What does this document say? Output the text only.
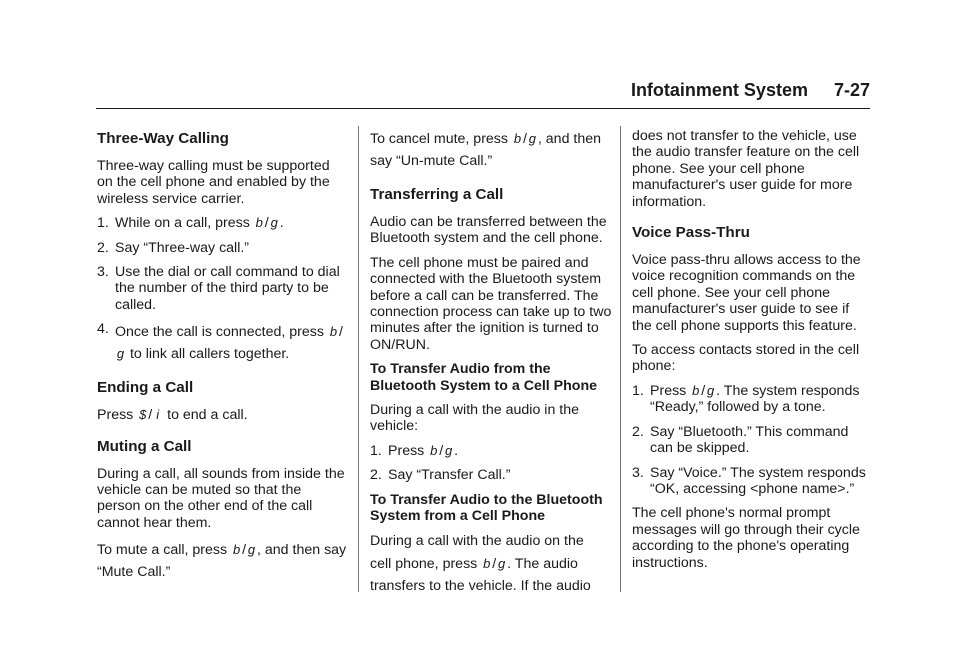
Infotainment System 7-27
Three-Way Calling

Three-way calling must be supported on the cell phone and enabled by the wireless service carrier.

1. While on a call, press b / g .
2. Say “Three-way call.”
3. Use the dial or call command to dial the number of the third party to be called.
4. Once the call is connected, press b /g to link all callers together.
Ending a Call

Press $ / i to end a call.

Muting a Call

During a call, all sounds from inside the vehicle can be muted so that the person on the other end of the call cannot hear them.

To mute a call, press b / g , and then say “Mute Call.”

To cancel mute, press b / g , and then say “Un-mute Call.”

Transferring a Call

Audio can be transferred between the Bluetooth system and the cell phone.

The cell phone must be paired and connected with the Bluetooth system before a call can be transferred. The connection process can take up to two minutes after the ignition is turned to ON/RUN.

To Transfer Audio from the Bluetooth System to a Cell Phone

During a call with the audio in the vehicle:

1. Press b / g .
2. Say “Transfer Call.”

To Transfer Audio to the Bluetooth System from a Cell Phone

During a call with the audio on the

cell phone, press b / g . The audio transfers to the vehicle. If the audio

does not transfer to the vehicle, use the audio transfer feature on the cell phone. See your cell phone manufacturer's user guide for more information.

Voice Pass-Thru

Voice pass-thru allows access to the voice recognition commands on the cell phone. See your cell phone manufacturer's user guide to see if the cell phone supports this feature.

To access contacts stored in the cell phone:

1. Press b / g . The system responds “Ready,” followed by a tone.
2. Say “Bluetooth.” This command can be skipped.
3. Say “Voice.” The system responds “OK, accessing <phone name>.”

The cell phone's normal prompt messages will go through their cycle according to the phone's operating instructions.
